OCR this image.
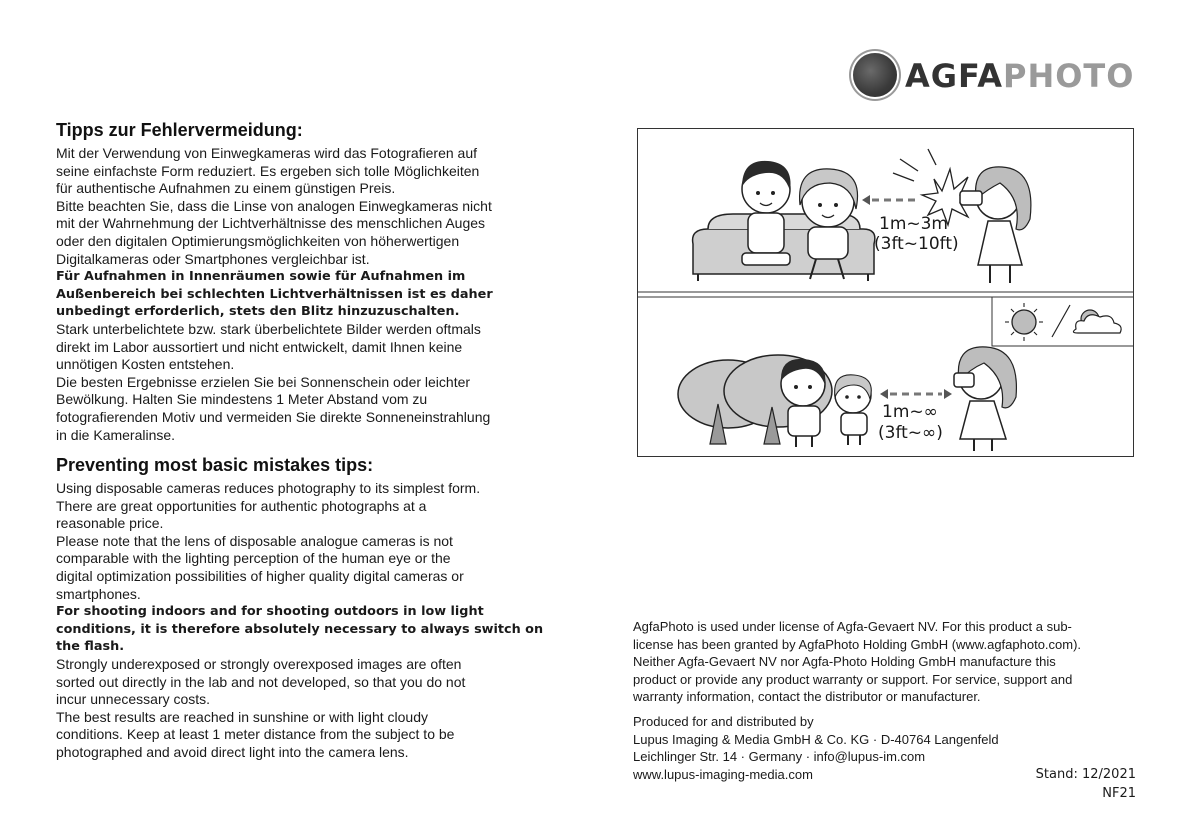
AGFAPHOTO
Tipps zur Fehlervermeidung:

Mit der Verwendung von Einwegkameras wird das Fotografieren auf

seine einfachste Form reduziert. Es ergeben sich tolle Möglichkeiten

für authentische Aufnahmen zu einem günstigen Preis.

Bitte beachten Sie, dass die Linse von analogen Einwegkameras nicht

mit der Wahrnehmung der Lichtverhältnisse des menschlichen Auges

oder den digitalen Optimierungsmöglichkeiten von höherwertigen

Digitalkameras oder Smartphones vergleichbar ist.

Für Aufnahmen in Innenräumen sowie für Aufnahmen im

Außenbereich bei schlechten Lichtverhältnissen ist es daher

unbedingt erforderlich, stets den Blitz hinzuzuschalten.

Stark unterbelichtete bzw. stark überbelichtete Bilder werden oftmals

direkt im Labor aussortiert und nicht entwickelt, damit Ihnen keine

unnötigen Kosten entstehen.

Die besten Ergebnisse erzielen Sie bei Sonnenschein oder leichter

Bewölkung. Halten Sie mindestens 1 Meter Abstand vom zu

fotografierenden Motiv und vermeiden Sie direkte Sonneneinstrahlung

in die Kameralinse.

Preventing most basic mistakes tips:

Using disposable cameras reduces photography to its simplest form.

There are great opportunities for authentic photographs at a

reasonable price.

Please note that the lens of disposable analogue cameras is not

comparable with the lighting perception of the human eye or the

digital optimization possibilities of higher quality digital cameras or

smartphones.

For shooting indoors and for shooting outdoors in low light

conditions, it is therefore absolutely necessary to always switch on

the flash.

Strongly underexposed or strongly overexposed images are often

sorted out directly in the lab and not developed, so that you do not

incur unnecessary costs.

The best results are reached in sunshine or with light cloudy

conditions. Keep at least 1 meter distance from the subject to be

photographed and avoid direct light into the camera lens.

1m~3m
(3ft~10ft)
1m~∞
(3ft~∞)

AgfaPhoto is used under license of Agfa-Gevaert NV. For this product a sub-

license has been granted by AgfaPhoto Holding GmbH (www.agfaphoto.com).

Neither Agfa-Gevaert NV nor Agfa-Photo Holding GmbH manufacture this

product or provide any product warranty or support. For service, support and

warranty information, contact the distributor or manufacturer.

Produced for and distributed by

Lupus Imaging & Media GmbH & Co. KG · D-40764 Langenfeld

Leichlinger Str. 14 · Germany · info@lupus-im.com

www.lupus-imaging-media.com	Stand: 12/2021
NF21
